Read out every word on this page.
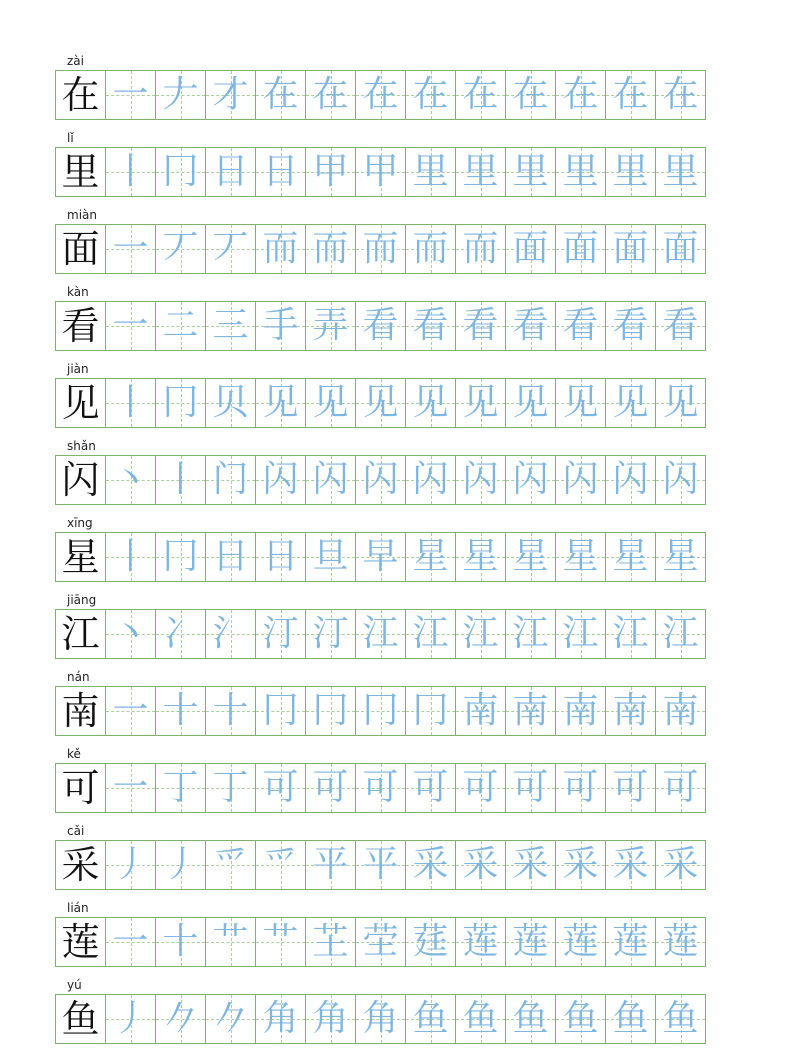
zài
在 一 𠂇 才 在 在 在 在 在 在 在 在 在
lǐ
里 丨 冂 日 日 甲 甲 里 里 里 里 里 里
miàn
面 一 丆 丆 而 而 而 而 而 面 面 面 面
kàn
看 一 二 三 手 弄 看 看 看 看 看 看 看
jiàn
见 丨 冂 贝 见 见 见 见 见 见 见 见 见
shǎn
闪 丶 丨 门 闪 闪 闪 闪 闪 闪 闪 闪 闪
xīng
星 丨 冂 日 日 旦 早 星 星 星 星 星 星
jiāng
江 丶 冫 氵 汀 汀 江 江 江 江 江 江 江
nán
南 一 十 十 冂 冂 冂 冂 南 南 南 南 南
kě
可 一 丁 丁 可 可 可 可 可 可 可 可 可
cǎi
采 丿 丿 爫 爫 平 平 采 采 采 采 采 采
lián
莲 一 十 艹 艹 芏 茔 莛 莲 莲 莲 莲 莲
yú
鱼 丿 𠂊 𠂊 角 角 角 鱼 鱼 鱼 鱼 鱼 鱼
